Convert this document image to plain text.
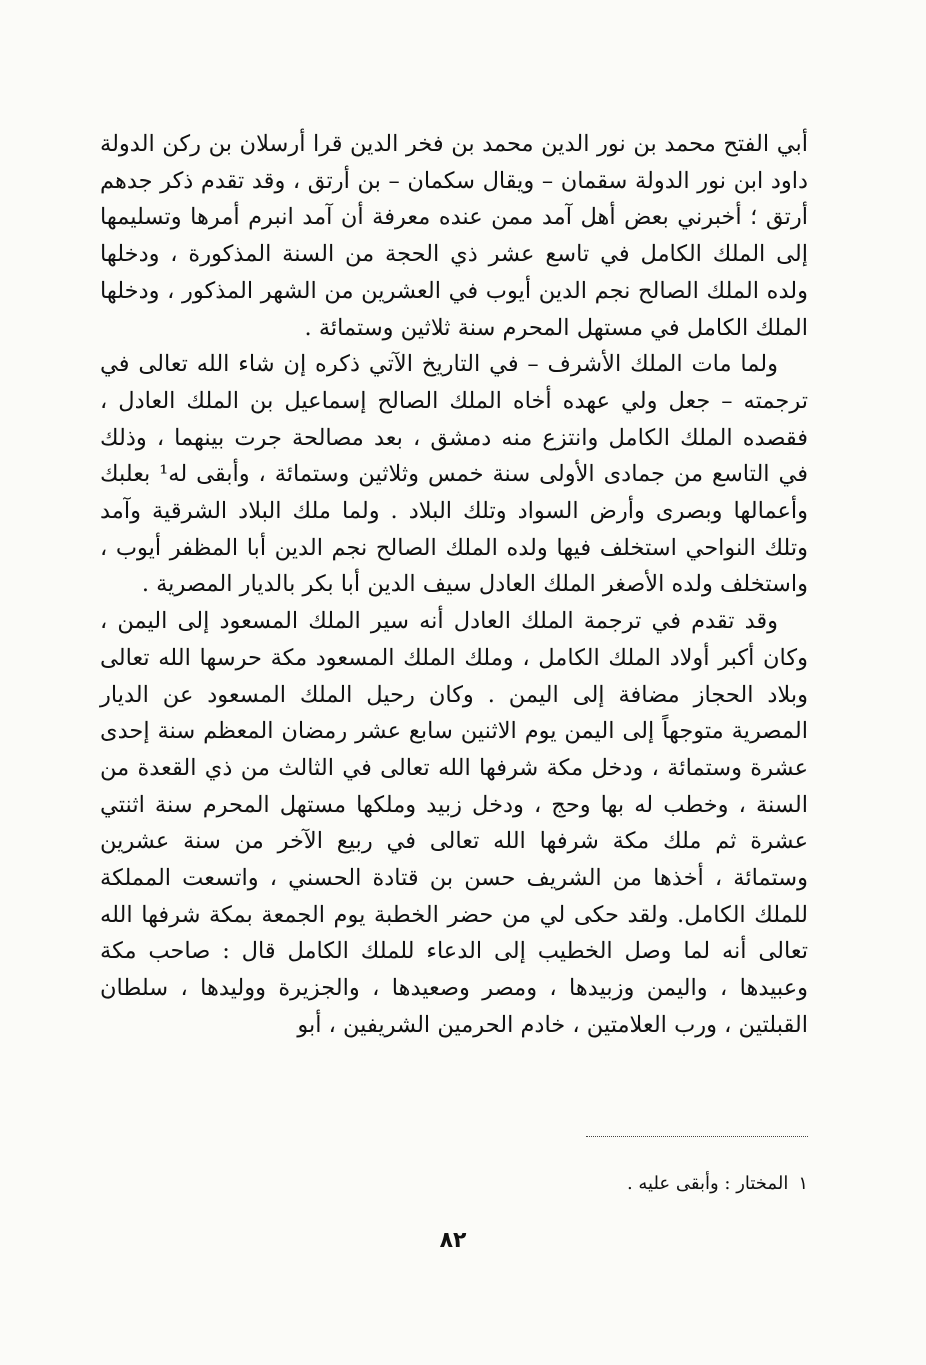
أبي الفتح محمد بن نور الدين محمد بن فخر الدين قرا أرسلان بن ركن الدولة داود ابن نور الدولة سقمان – ويقال سكمان – بن أرتق ، وقد تقدم ذكر جدهم أرتق ؛ أخبرني بعض أهل آمد ممن عنده معرفة أن آمد انبرم أمرها وتسليمها إلى الملك الكامل في تاسع عشر ذي الحجة من السنة المذكورة ، ودخلها ولده الملك الصالح نجم الدين أيوب في العشرين من الشهر المذكور ، ودخلها الملك الكامل في مستهل المحرم سنة ثلاثين وستمائة .

ولما مات الملك الأشرف – في التاريخ الآتي ذكره إن شاء الله تعالى في ترجمته – جعل ولي عهده أخاه الملك الصالح إسماعيل بن الملك العادل ، فقصده الملك الكامل وانتزع منه دمشق ، بعد مصالحة جرت بينهما ، وذلك في التاسع من جمادى الأولى سنة خمس وثلاثين وستمائة ، وأبقى له¹ بعلبك وأعمالها وبصرى وأرض السواد وتلك البلاد . ولما ملك البلاد الشرقية وآمد وتلك النواحي استخلف فيها ولده الملك الصالح نجم الدين أبا المظفر أيوب ، واستخلف ولده الأصغر الملك العادل سيف الدين أبا بكر بالديار المصرية .

وقد تقدم في ترجمة الملك العادل أنه سير الملك المسعود إلى اليمن ، وكان أكبر أولاد الملك الكامل ، وملك الملك المسعود مكة حرسها الله تعالى وبلاد الحجاز مضافة إلى اليمن . وكان رحيل الملك المسعود عن الديار المصرية متوجهاً إلى اليمن يوم الاثنين سابع عشر رمضان المعظم سنة إحدى عشرة وستمائة ، ودخل مكة شرفها الله تعالى في الثالث من ذي القعدة من السنة ، وخطب له بها وحج ، ودخل زبيد وملكها مستهل المحرم سنة اثنتي عشرة ثم ملك مكة شرفها الله تعالى في ربيع الآخر من سنة عشرين وستمائة ، أخذها من الشريف حسن بن قتادة الحسني ، واتسعت المملكة للملك الكامل. ولقد حكى لي من حضر الخطبة يوم الجمعة بمكة شرفها الله تعالى أنه لما وصل الخطيب إلى الدعاء للملك الكامل قال : صاحب مكة وعبيدها ، واليمن وزبيدها ، ومصر وصعيدها ، والجزيرة ووليدها ، سلطان القبلتين ، ورب العلامتين ، خادم الحرمين الشريفين ، أبو

١المختار : وأبقى عليه .
٨٢
